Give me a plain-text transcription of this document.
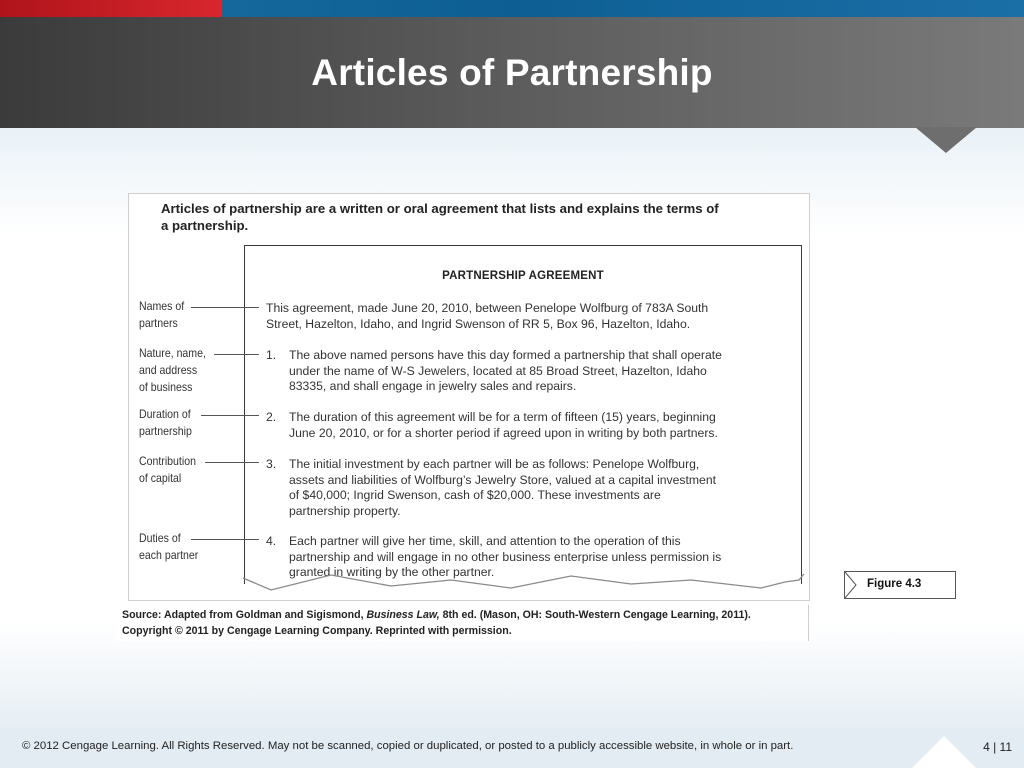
Articles of Partnership
Articles of partnership are a written or oral agreement that lists and explains the terms of
a partnership.
PARTNERSHIP AGREEMENT
This agreement, made June 20, 2010, between Penelope Wolfburg of 783A South
Street, Hazelton, Idaho, and Ingrid Swenson of RR 5, Box 96, Hazelton, Idaho.
1. The above named persons have this day formed a partnership that shall operate
under the name of W-S Jewelers, located at 85 Broad Street, Hazelton, Idaho
83335, and shall engage in jewelry sales and repairs.
2. The duration of this agreement will be for a term of fifteen (15) years, beginning
June 20, 2010, or for a shorter period if agreed upon in writing by both partners.
3. The initial investment by each partner will be as follows: Penelope Wolfburg,
assets and liabilities of Wolfburg’s Jewelry Store, valued at a capital investment
of $40,000; Ingrid Swenson, cash of $20,000. These investments are
partnership property.
4. Each partner will give her time, skill, and attention to the operation of this
partnership and will engage in no other business enterprise unless permission is
granted in writing by the other partner.
Names of
partners
Nature, name,
and address
of business
Duration of
partnership
Contribution
of capital
Duties of
each partner
Source: Adapted from Goldman and Sigismond, Business Law, 8th ed. (Mason, OH: South-Western Cengage Learning, 2011).
Copyright © 2011 by Cengage Learning Company. Reprinted with permission.
Figure 4.3
© 2012 Cengage Learning. All Rights Reserved. May not be scanned, copied or duplicated, or posted to a publicly accessible website, in whole or in part.	4 | 11
